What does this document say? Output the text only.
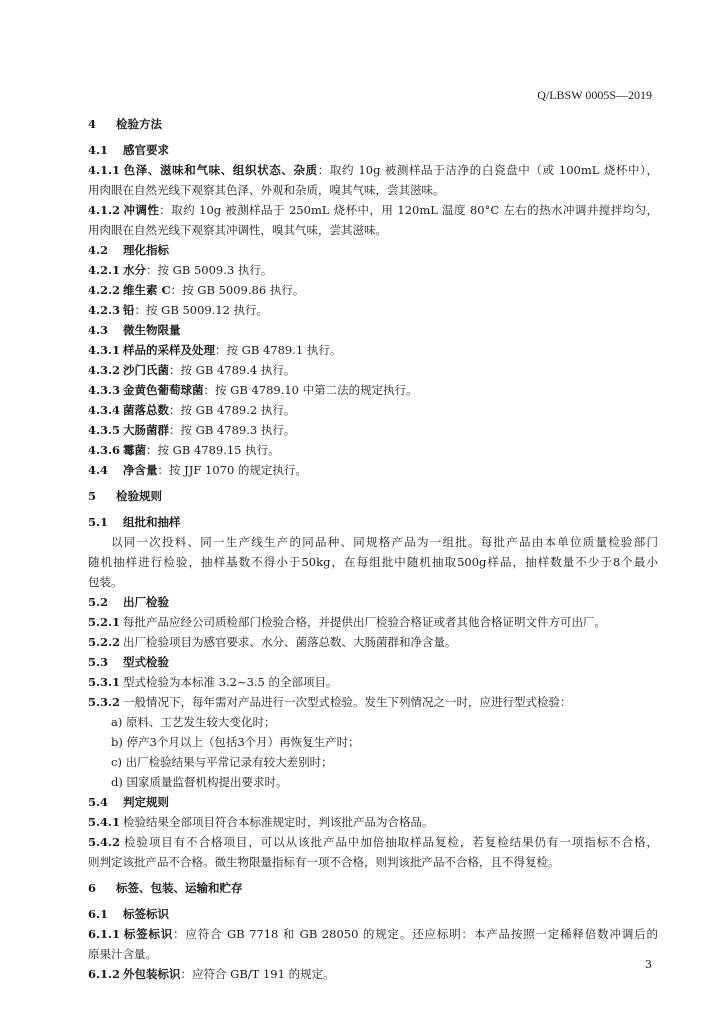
Q/LBSW 0005S—2019

4 检验方法

4.1 感官要求

4.1.1 色泽、滋味和气味、组织状态、杂质：取约 10g 被测样品于洁净的白瓷盘中（或 100mL 烧杯中），

用肉眼在自然光线下观察其色泽、外观和杂质，嗅其气味，尝其滋味。

4.1.2 冲调性：取约 10g 被测样品于 250mL 烧杯中，用 120mL 温度 80°C 左右的热水冲调并搅拌均匀，

用肉眼在自然光线下观察其冲调性，嗅其气味，尝其滋味。

4.2 理化指标

4.2.1 水分：按 GB 5009.3 执行。

4.2.2 维生素 C：按 GB 5009.86 执行。

4.2.3 铅：按 GB 5009.12 执行。

4.3 微生物限量

4.3.1 样品的采样及处理：按 GB 4789.1 执行。

4.3.2 沙门氏菌：按 GB 4789.4 执行。

4.3.3 金黄色葡萄球菌：按 GB 4789.10 中第二法的规定执行。

4.3.4 菌落总数：按 GB 4789.2 执行。

4.3.5 大肠菌群：按 GB 4789.3 执行。

4.3.6 霉菌：按 GB 4789.15 执行。

4.4 净含量：按 JJF 1070 的规定执行。

5 检验规则

5.1 组批和抽样

以同一次投料、同一生产线生产的同品种、同规格产品为一组批。每批产品由本单位质量检验部门

随机抽样进行检验，抽样基数不得小于50kg，在每组批中随机抽取500g样品，抽样数量不少于8个最小

包装。

5.2 出厂检验

5.2.1 每批产品应经公司质检部门检验合格，并提供出厂检验合格证或者其他合格证明文件方可出厂。

5.2.2 出厂检验项目为感官要求、水分、菌落总数、大肠菌群和净含量。

5.3 型式检验

5.3.1 型式检验为本标准 3.2~3.5 的全部项目。

5.3.2 一般情况下，每年需对产品进行一次型式检验。发生下列情况之一时，应进行型式检验：

a) 原料、工艺发生较大变化时；

b) 停产3个月以上（包括3个月）再恢复生产时；

c) 出厂检验结果与平常记录有较大差别时；

d) 国家质量监督机构提出要求时。

5.4 判定规则

5.4.1 检验结果全部项目符合本标准规定时，判该批产品为合格品。

5.4.2 检验项目有不合格项目，可以从该批产品中加倍抽取样品复检，若复检结果仍有一项指标不合格，

则判定该批产品不合格。微生物限量指标有一项不合格，则判该批产品不合格，且不得复检。

6 标签、包装、运输和贮存

6.1 标签标识

6.1.1 标签标识：应符合 GB 7718 和 GB 28050 的规定。还应标明：本产品按照一定稀释倍数冲调后的

原果汁含量。

6.1.2 外包装标识：应符合 GB/T 191 的规定。

3
